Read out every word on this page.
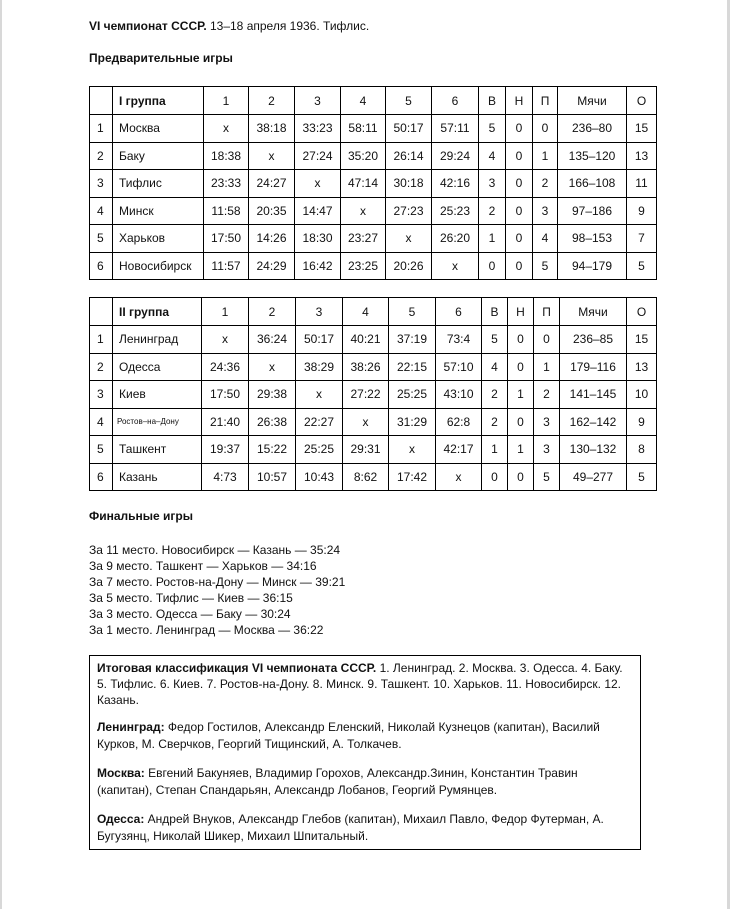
VI чемпионат СССР. 13–18 апреля 1936. Тифлис.
Предварительные игры
	I группа	1	2	3	4	5	6	В	Н	П	Мячи	О
1	Москва	x	38:18	33:23	58:11	50:17	57:11	5	0	0	236–80	15
2	Баку	18:38	x	27:24	35:20	26:14	29:24	4	0	1	135–120	13
3	Тифлис	23:33	24:27	x	47:14	30:18	42:16	3	0	2	166–108	11
4	Минск	11:58	20:35	14:47	x	27:23	25:23	2	0	3	97–186	9
5	Харьков	17:50	14:26	18:30	23:27	x	26:20	1	0	4	98–153	7
6	Новосибирск	11:57	24:29	16:42	23:25	20:26	x	0	0	5	94–179	5
	II группа	1	2	3	4	5	6	В	Н	П	Мячи	О
1	Ленинград	x	36:24	50:17	40:21	37:19	73:4	5	0	0	236–85	15
2	Одесса	24:36	x	38:29	38:26	22:15	57:10	4	0	1	179–116	13
3	Киев	17:50	29:38	x	27:22	25:25	43:10	2	1	2	141–145	10
4	Ростов–на–Дону	21:40	26:38	22:27	x	31:29	62:8	2	0	3	162–142	9
5	Ташкент	19:37	15:22	25:25	29:31	x	42:17	1	1	3	130–132	8
6	Казань	4:73	10:57	10:43	8:62	17:42	x	0	0	5	49–277	5
Финальные игры
За 11 место. Новосибирск — Казань — 35:24
За 9 место. Ташкент — Харьков — 34:16
За 7 место. Ростов-на-Дону — Минск — 39:21
За 5 место. Тифлис — Киев — 36:15
За 3 место. Одесса — Баку — 30:24
За 1 место. Ленинград — Москва — 36:22

Итоговая классификация VI чемпионата СССР. 1. Ленинград. 2. Москва. 3. Одесса. 4. Баку. 5. Тифлис. 6. Киев. 7. Ростов-на-Дону. 8. Минск. 9. Ташкент. 10. Харьков. 11. Новосибирск. 12. Казань.

Ленинград: Федор Гостилов, Александр Еленский, Николай Кузнецов (капитан), Василий Курков, М. Сверчков, Георгий Тищинский, А. Толкачев.

Москва: Евгений Бакуняев, Владимир Горохов, Александр.Зинин, Константин Травин (капитан), Степан Спандарьян, Александр Лобанов, Георгий Румянцев.

Одесса: Андрей Внуков, Александр Глебов (капитан), Михаил Павло, Федор Футерман, А. Бугузянц, Николай Шикер, Михаил Шпитальный.
